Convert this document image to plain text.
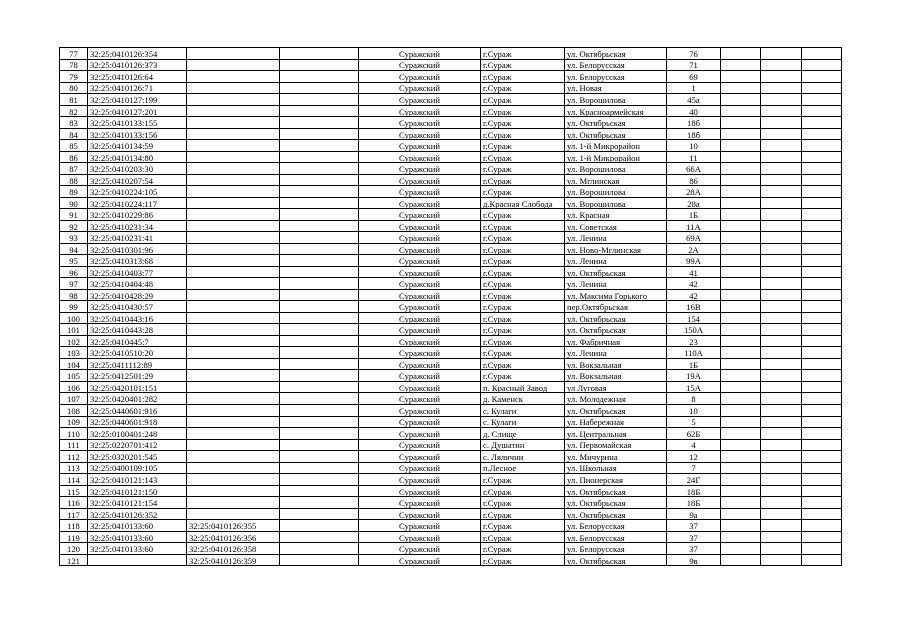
77	32:25:0410126:354			Суражский	г.Сураж	ул. Октябрьская	76			
78	32:25:0410126:373			Суражский	г.Сураж	ул. Белорусская	71			
79	32:25:0410126:64			Суражский	г.Сураж	ул. Белорусская	69			
80	32:25:0410126:71			Суражский	г.Сураж	ул. Новая	1			
81	32:25:0410127:199			Суражский	г.Сураж	ул. Ворошилова	45а			
82	32:25:0410127:201			Суражский	г.Сураж	ул. Красноармейская	40			
83	32:25:0410133:155			Суражский	г.Сураж	ул. Октябрьская	18б			
84	32:25:0410133:156			Суражский	г.Сураж	ул. Октябрьская	18б			
85	32:25:0410134:59			Суражский	г.Сураж	ул. 1-й Микрорайон	10			
86	32:25:0410134:80			Суражский	г.Сураж	ул. 1-й Микрорайон	11			
87	32:25:0410203:30			Суражский	г.Сураж	ул. Ворошилова	66А			
88	32:25:0410207:54			Суражский	г.Сураж	ул. Мглинская	86			
89	32:25:0410224:105			Суражский	г.Сураж	ул. Ворошилова	28А			
90	32:25:0410224:117			Суражский	д.Красная Слобода	ул. Ворошилова	28а			
91	32:25:0410229:86			Суражский	г.Сураж	ул. Красная	1Б			
92	32:25:0410231:34			Суражский	г.Сураж	ул. Советская	11А			
93	32:25:0410231:41			Суражский	г.Сураж	ул. Ленина	69А			
94	32:25:0410301:96			Суражский	г.Сураж	ул. Ново-Мглинская	2А			
95	32:25:0410313:68			Суражский	г.Сураж	ул. Ленина	99А			
96	32:25:0410403:77			Суражский	г.Сураж	ул. Октябрьская	41			
97	32:25:0410404:48			Суражский	г.Сураж	ул. Ленина	42			
98	32:25:0410428:29			Суражский	г.Сураж	ул. Максима Горького	42			
99	32:25:0410430:57			Суражский	г.Сураж	пер.Октябрьская	16В			
100	32:25:0410443:16			Суражский	г.Сураж	ул. Октябрьская	154			
101	32:25:0410443:28			Суражский	г.Сураж	ул. Октябрьская	150А			
102	32:25:0410445:7			Суражский	г.Сураж	ул. Фабричная	23			
103	32:25:0410510:20			Суражский	г.Сураж	ул. Ленина	110А			
104	32:25:0411112:89			Суражский	г.Сураж	ул. Вокзальная	1Б			
105	32:25:0412501:29			Суражский	г.Сураж	ул. Вокзальная	19А			
106	32:25:0420101:151			Суражский	п. Красный Завод	ул Луговая	15А			
107	32:25:0420401:282			Суражский	д. Каменск	ул. Молодежная	8			
108	32:25:0440601:916			Суражский	с. Кулаги	ул. Октябрьская	10			
109	32:25:0440601:918			Суражский	с. Кулаги	ул. Набережная	5			
110	32:25:0100401:248			Суражский	д. Слище	ул. Центральная	62Б			
111	32:25:0220701:412			Суражский	с. Душатин	ул. Первомайская	4			
112	32:25:0320201:545			Суражский	с. Лялични	ул. Мичурина	12			
113	32:25:0400109:105			Суражский	п.Лесное	ул. Школьная	7			
114	32:25:0410121:143			Суражский	г.Сураж	ул. Пионерская	24Г			
115	32:25:0410121:150			Суражский	г.Сураж	ул. Октябрьская	18Б			
116	32:25:0410121:154			Суражский	г.Сураж	ул. Октябрьская	18Б			
117	32:25:0410126:352			Суражский	г.Сураж	ул. Октябрьская	9а			
118	32:25:0410133:60	32:25:0410126:355		Суражский	г.Сураж	ул. Белорусская	37			
119	32:25:0410133:60	32:25:0410126:356		Суражский	г.Сураж	ул. Белорусская	37			
120	32:25:0410133:60	32:25:0410126:358		Суражский	г.Сураж	ул. Белорусская	37			
121		32:25:0410126:359		Суражский	г.Сураж	ул. Октябрьская	9в			
